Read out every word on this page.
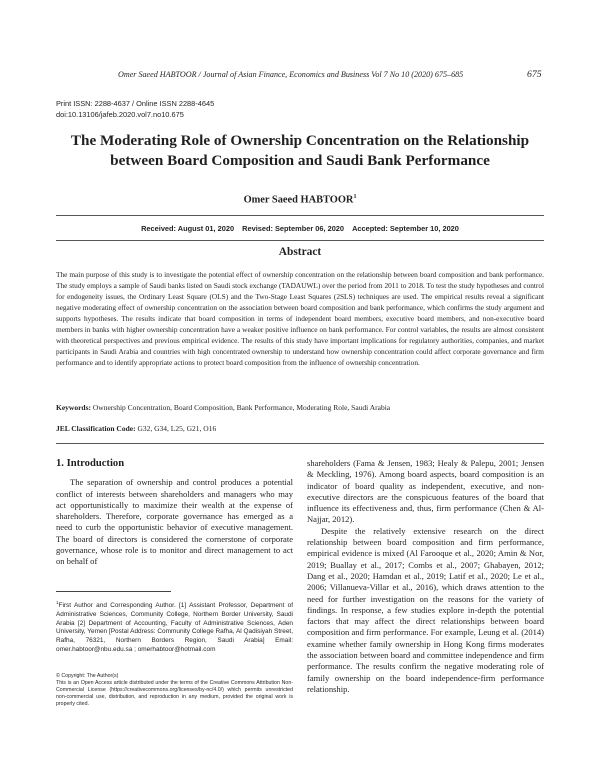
Omer Saeed HABTOOR / Journal of Asian Finance, Economics and Business Vol 7 No 10 (2020) 675–685	675
Print ISSN: 2288-4637 / Online ISSN 2288-4645
doi:10.13106/jafeb.2020.vol7.no10.675
The Moderating Role of Ownership Concentration on the Relationship
between Board Composition and Saudi Bank Performance
Omer Saeed HABTOOR$^1$
Received: August 01, 2020 Revised: September 06, 2020 Accepted: September 10, 2020
Abstract
The main purpose of this study is to investigate the potential effect of ownership concentration on the relationship between board composition and bank performance. The study employs a sample of Saudi banks listed on Saudi stock exchange (TADAUWL) over the period from 2011 to 2018. To test the study hypotheses and control for endogeneity issues, the Ordinary Least Square (OLS) and the Two-Stage Least Squares (2SLS) techniques are used. The empirical results reveal a significant negative moderating effect of ownership concentration on the association between board composition and bank performance, which confirms the study argument and supports hypotheses. The results indicate that board composition in terms of independent board members, executive board members, and non-executive board members in banks with higher ownership concentration have a weaker positive influence on bank performance. For control variables, the results are almost consistent with theoretical perspectives and previous empirical evidence. The results of this study have important implications for regulatory authorities, companies, and market participants in Saudi Arabia and countries with high concentrated ownership to understand how ownership concentration could affect corporate governance and firm performance and to identify appropriate actions to protect board composition from the influence of ownership concentration.
Keywords: Ownership Concentration, Board Composition, Bank Performance, Moderating Role, Saudi Arabia
JEL Classification Code: G32, G34, L25, G21, O16
1. Introduction

The separation of ownership and control produces a potential conflict of interests between shareholders and managers who may act opportunistically to maximize their wealth at the expense of shareholders. Therefore, corporate governance has emerged as a need to curb the opportunistic behavior of executive management. The board of directors is considered the cornerstone of corporate governance, whose role is to monitor and direct management to act on behalf of

shareholders (Fama & Jensen, 1983; Healy & Palepu, 2001; Jensen & Meckling, 1976). Among board aspects, board composition is an indicator of board quality as independent, executive, and non-executive directors are the conspicuous features of the board that influence its effectiveness and, thus, firm performance (Chen & Al-Najjar, 2012).

Despite the relatively extensive research on the direct relationship between board composition and firm performance, empirical evidence is mixed (Al Farooque et al., 2020; Amin & Nor, 2019; Buallay et al., 2017; Combs et al., 2007; Ghabayen, 2012; Dang et al., 2020; Hamdan et al., 2019; Latif et al., 2020; Le et al., 2006; Villanueva-Villar et al., 2016), which draws attention to the need for further investigation on the reasons for the variety of findings. In response, a few studies explore in-depth the potential factors that may affect the direct relationships between board composition and firm performance. For example, Leung et al. (2014) examine whether family ownership in Hong Kong firms moderates the association between board and committee independence and firm performance. The results confirm the negative moderating role of family ownership on the board independence-firm performance relationship.

$^1$First Author and Corresponding Author. [1] Assistant Professor, Department of Administrative Sciences, Community College, Northern Border University, Saudi Arabia [2] Department of Accounting, Faculty of Administrative Sciences, Aden University, Yemen [Postal Address: Community College Rafha, Al Qadisiyah Street, Rafha, 76321, Northern Borders Region, Saudi Arabia] Email: omer.habtoor@nbu.edu.sa ; omerhabtoor@hotmail.com
© Copyright: The Author(s)
This is an Open Access article distributed under the terms of the Creative Commons Attribution Non-Commercial License (https://creativecommons.org/licenses/by-nc/4.0/) which permits unrestricted non-commercial use, distribution, and reproduction in any medium, provided the original work is properly cited.
